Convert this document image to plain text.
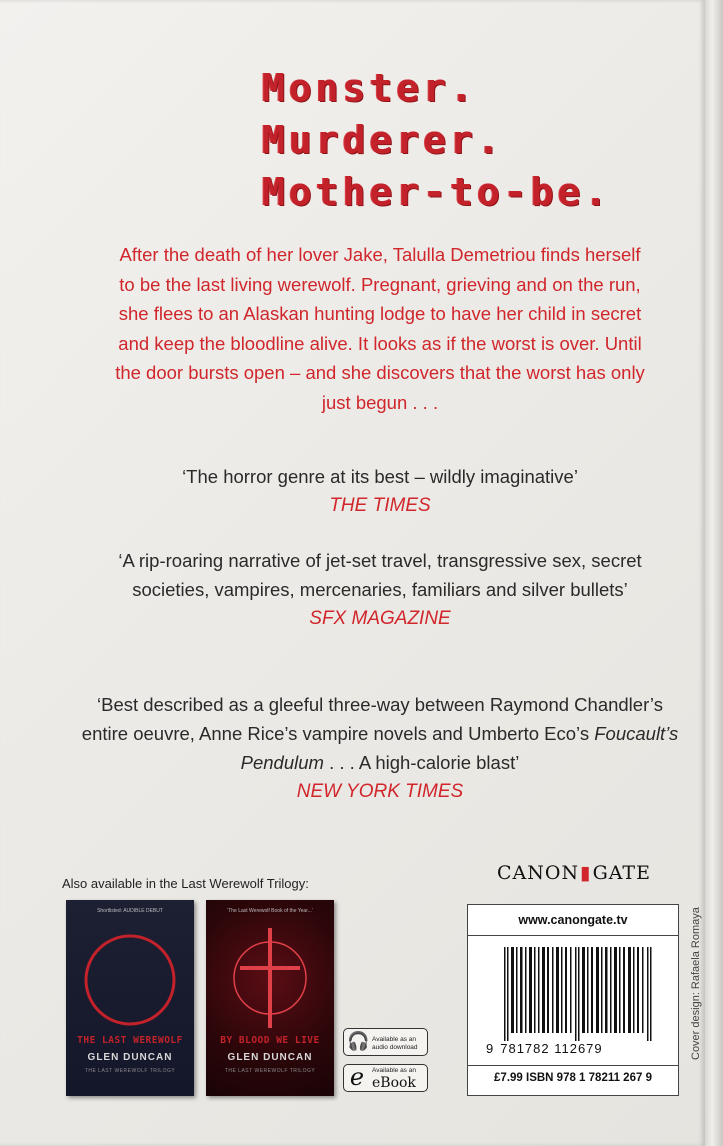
Monster.
Murderer.
Mother-to-be.
After the death of her lover Jake, Talulla Demetriou finds herself to be the last living werewolf. Pregnant, grieving and on the run, she flees to an Alaskan hunting lodge to have her child in secret and keep the bloodline alive. It looks as if the worst is over. Until the door bursts open – and she discovers that the worst has only just begun . . .
‘The horror genre at its best – wildly imaginative’
THE TIMES
‘A rip-roaring narrative of jet-set travel, transgressive sex, secret societies, vampires, mercenaries, familiars and silver bullets’
SFX MAGAZINE
‘Best described as a gleeful three-way between Raymond Chandler’s entire oeuvre, Anne Rice’s vampire novels and Umberto Eco’s Foucault’s Pendulum . . . A high-calorie blast’
NEW YORK TIMES
Also available in the Last Werewolf Trilogy:
Shortlisted: AUDIBLE DEBUT
THE LAST WEREWOLF
GLEN DUNCAN
THE LAST WEREWOLF TRILOGY
‘The Last Werewolf Book of the Year...’
BY BLOOD WE LIVE
GLEN DUNCAN
THE LAST WEREWOLF TRILOGY
🎧 Available as an audio download
e	Available as an
eBook
CANON▮GATE
www.canongate.tv
9 781782 112679
£7.99 ISBN 978 1 78211 267 9
Cover design: Rafaela Romaya
